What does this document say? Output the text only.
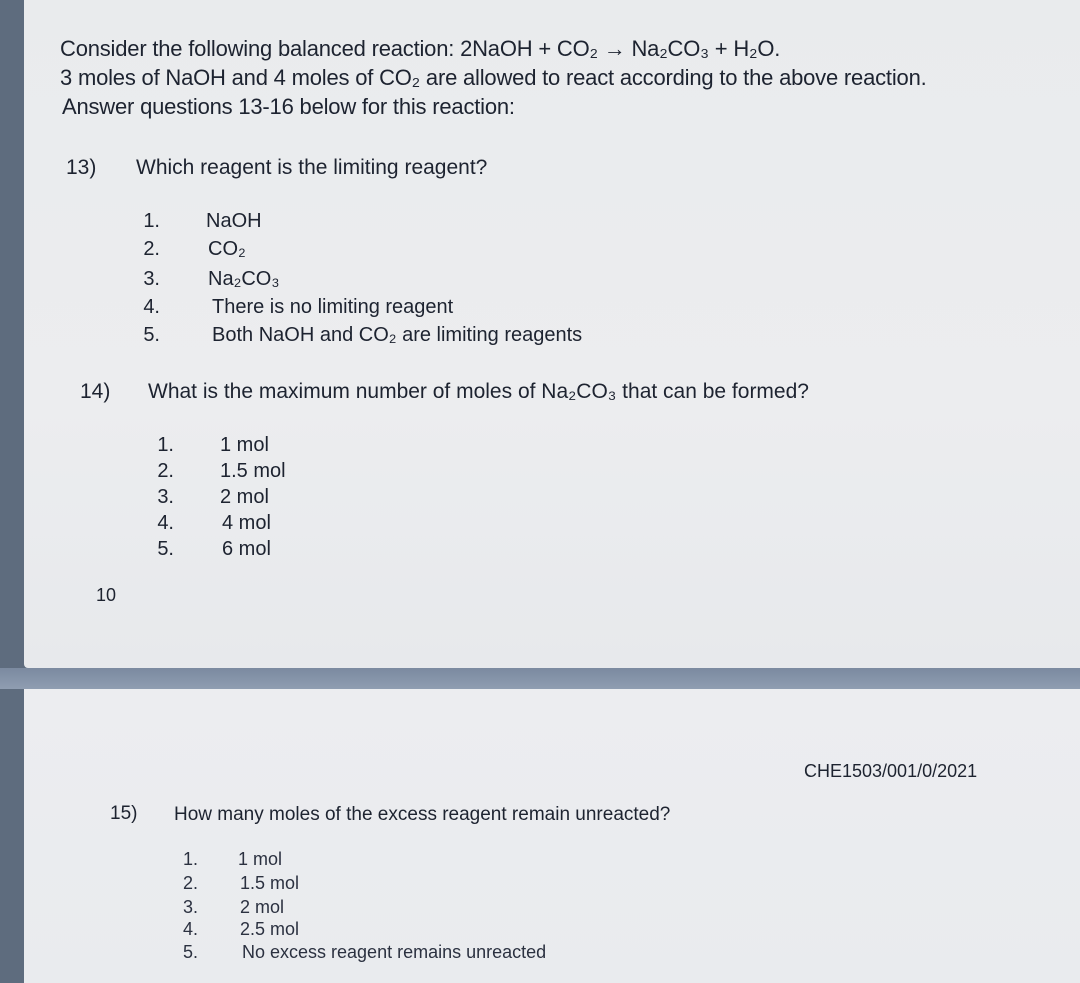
Consider the following balanced reaction: 2NaOH + CO₂ → Na₂CO₃ + H₂O.
3 moles of NaOH and 4 moles of CO₂ are allowed to react according to the above reaction.
Answer questions 13-16 below for this reaction:
13) Which reagent is the limiting reagent?
1. NaOH
2. CO₂
3. Na₂CO₃
4.	There is no limiting reagent
5.	Both NaOH and CO₂ are limiting reagents
14) What is the maximum number of moles of Na₂CO₃ that can be formed?
1. 1 mol
2. 1.5 mol
3. 2 mol
4. 4 mol
5. 6 mol
10
CHE1503/001/0/2021
15) How many moles of the excess reagent remain unreacted?
1. 1 mol
2. 1.5 mol
3. 2 mol
4. 2.5 mol
5. No excess reagent remains unreacted
